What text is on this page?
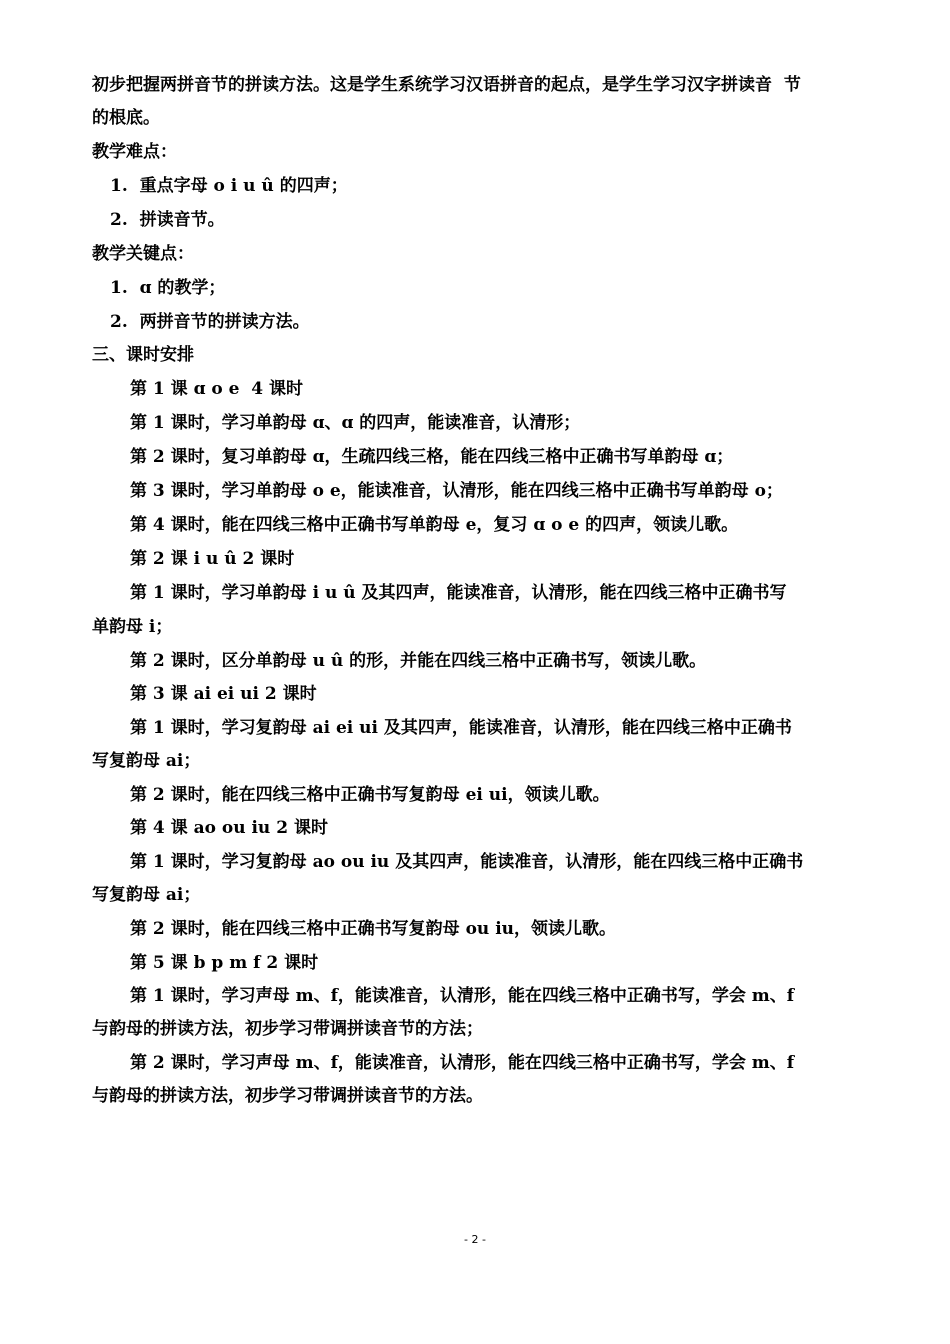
初步把握两拼音节的拼读方法。这是学生系统学习汉语拼音的起点，是学生学习汉字拼读音  节
的根底。
教学难点：
1.  重点字母 o i u û 的四声；
2.  拼读音节。
教学关键点：
1.  ɑ 的教学；
2.  两拼音节的拼读方法。
三、课时安排
第 1 课 ɑ o e  4 课时
第 1 课时，学习单韵母 ɑ、ɑ 的四声，能读准音，认清形；
第 2 课时，复习单韵母 ɑ，生疏四线三格，能在四线三格中正确书写单韵母 ɑ；
第 3 课时，学习单韵母 o e，能读准音，认清形，能在四线三格中正确书写单韵母 o；
第 4 课时，能在四线三格中正确书写单韵母 e，复习 ɑ o e 的四声，领读儿歌。
第 2 课 i u û 2 课时
第 1 课时，学习单韵母 i u û 及其四声，能读准音，认清形，能在四线三格中正确书写
单韵母 i；
第 2 课时，区分单韵母 u û 的形，并能在四线三格中正确书写，领读儿歌。
第 3 课 ai ei ui 2 课时
第 1 课时，学习复韵母 ai ei ui 及其四声，能读准音，认清形，能在四线三格中正确书
写复韵母 ai；
第 2 课时，能在四线三格中正确书写复韵母 ei ui，领读儿歌。
第 4 课 ao ou iu 2 课时
第 1 课时，学习复韵母 ao ou iu 及其四声，能读准音，认清形，能在四线三格中正确书
写复韵母 ai；
第 2 课时，能在四线三格中正确书写复韵母 ou iu，领读儿歌。
第 5 课 b p m f 2 课时
第 1 课时，学习声母 m、f，能读准音，认清形，能在四线三格中正确书写，学会 m、f
与韵母的拼读方法，初步学习带调拼读音节的方法；
第 2 课时，学习声母 m、f，能读准音，认清形，能在四线三格中正确书写，学会 m、f
与韵母的拼读方法，初步学习带调拼读音节的方法。
- 2 -
